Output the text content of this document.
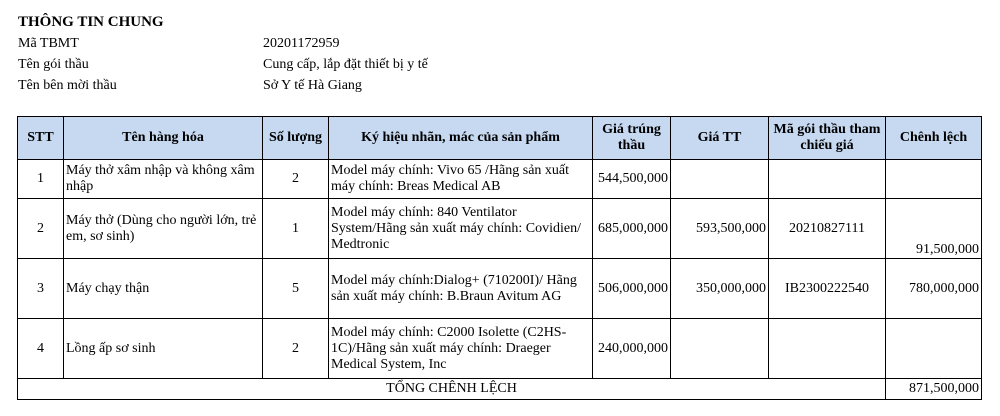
THÔNG TIN CHUNG
Mã TBMT	20201172959
Tên gói thầu	Cung cấp, lắp đặt thiết bị y tế
Tên bên mời thầu	Sở Y tế Hà Giang
STT	Tên hàng hóa	Số lượng	Ký hiệu nhãn, mác của sản phẩm	Giá trúng thầu	Giá TT	Mã gói thầu tham chiếu giá	Chênh lệch
1	Máy thở xâm nhập và không xâm nhập	2	Model máy chính: Vivo 65 /Hãng sản xuất máy chính: Breas Medical AB	544,500,000			
2	Máy thở (Dùng cho người lớn, trẻ em, sơ sinh)	1	Model máy chính: 840 Ventilator System/Hãng sản xuất máy chính: Covidien/ Medtronic	685,000,000	593,500,000	20210827111	91,500,000
3	Máy chạy thận	5	Model máy chính:Dialog+ (710200I)/ Hãng sản xuất máy chính: B.Braun Avitum AG	506,000,000	350,000,000	IB2300222540	780,000,000
4	Lồng ấp sơ sinh	2	Model máy chính: C2000 Isolette (C2HS-1C)/Hãng sản xuất máy chính: Draeger Medical System, Inc	240,000,000			
TỔNG CHÊNH LỆCH							871,500,000
